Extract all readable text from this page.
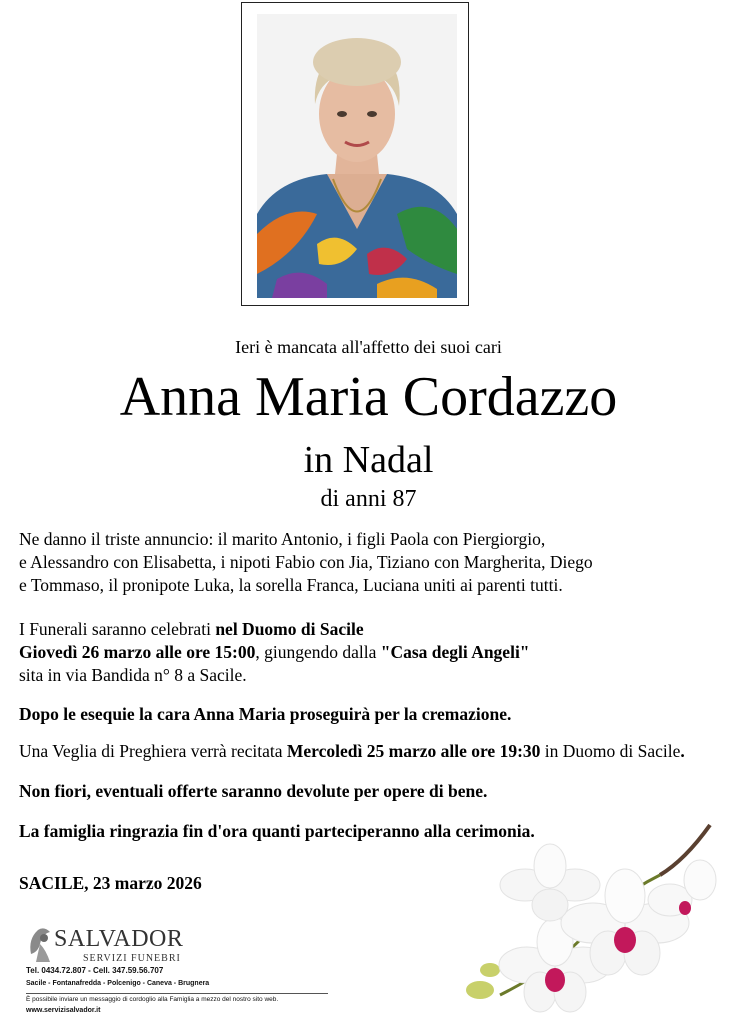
Ieri è mancata all'affetto dei suoi cari
Anna Maria Cordazzo
in Nadal
di anni 87
Ne danno il triste annuncio: il marito Antonio, i figli Paola con Piergiorgio,
e Alessandro con Elisabetta, i nipoti Fabio con Jia, Tiziano con Margherita, Diego
e Tommaso, il pronipote Luka, la sorella Franca, Luciana uniti ai parenti tutti.
I Funerali saranno celebrati nel Duomo di Sacile
Giovedì 26 marzo alle ore 15:00, giungendo dalla "Casa degli Angeli"
sita in via Bandida n° 8 a Sacile.
Dopo le esequie la cara Anna Maria proseguirà per la cremazione.
Una Veglia di Preghiera verrà recitata Mercoledì 25 marzo alle ore 19:30 in Duomo di Sacile.
Non fiori, eventuali offerte saranno devolute per opere di bene.
La famiglia ringrazia fin d'ora quanti parteciperanno alla cerimonia.
SACILE, 23 marzo 2026
SALVADOR
SERVIZI FUNEBRI
Tel. 0434.72.807 - Cell. 347.59.56.707
Sacile - Fontanafredda - Polcenigo - Caneva - Brugnera
È possibile inviare un messaggio di cordoglio alla Famiglia a mezzo del nostro sito web.
www.servizisalvador.it
